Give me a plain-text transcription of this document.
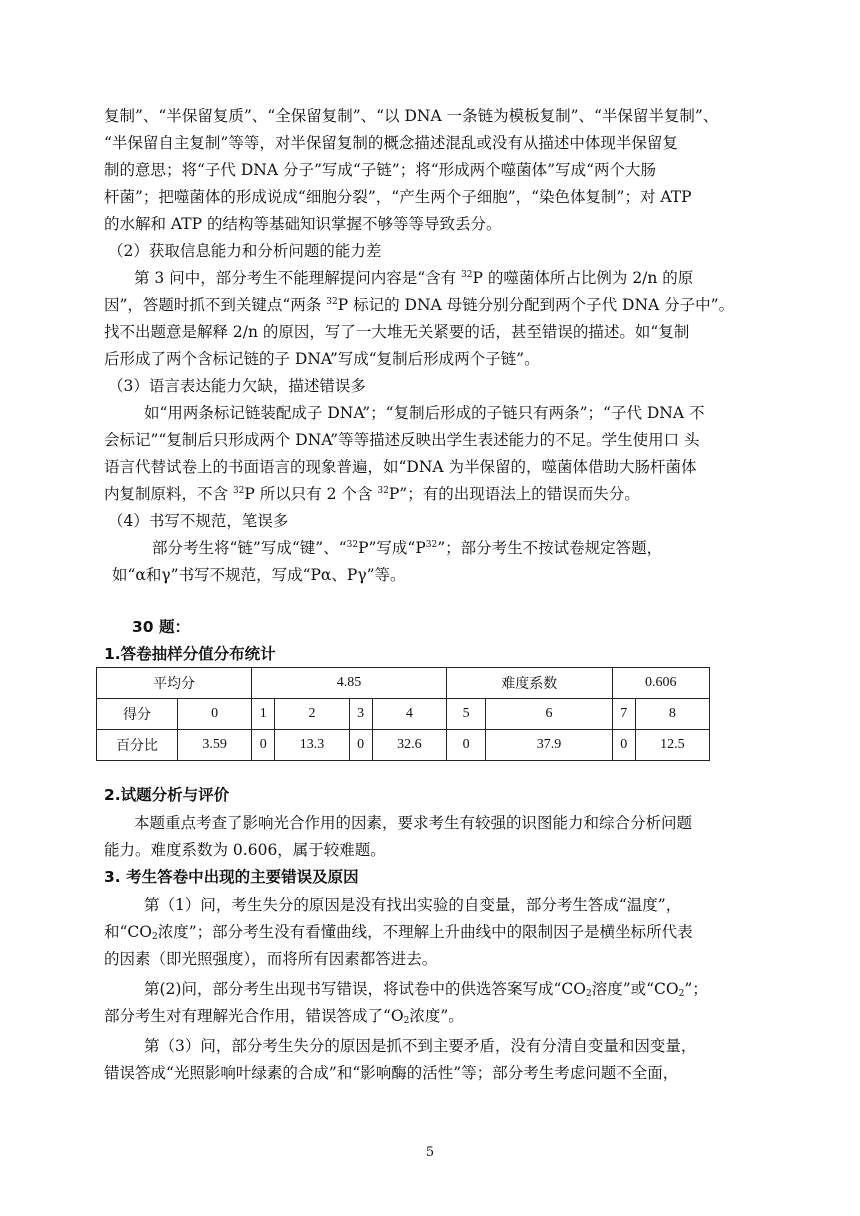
复制”、“半保留复质”、“全保留复制”、“以 DNA 一条链为模板复制”、“半保留半复制”、
“半保留自主复制”等等，对半保留复制的概念描述混乱或没有从描述中体现半保留复
制的意思；将“子代 DNA 分子”写成“子链”；将“形成两个噬菌体”写成“两个大肠
杆菌”；把噬菌体的形成说成“细胞分裂”，“产生两个子细胞”，“染色体复制”；对 ATP
的水解和 ATP 的结构等基础知识掌握不够等等导致丢分。
（2）获取信息能力和分析问题的能力差
第 3 问中，部分考生不能理解提问内容是“含有 $^{32}$P 的噬菌体所占比例为 2/n 的原
因”，答题时抓不到关键点“两条 $^{32}$P 标记的 DNA 母链分别分配到两个子代 DNA 分子中”。
找不出题意是解释 2/n 的原因，写了一大堆无关紧要的话，甚至错误的描述。如“复制
后形成了两个含标记链的子 DNA”写成“复制后形成两个子链”。
（3）语言表达能力欠缺，描述错误多
如“用两条标记链装配成子 DNA”；“复制后形成的子链只有两条”；“子代 DNA 不
会标记”“复制后只形成两个 DNA”等等描述反映出学生表述能力的不足。学生使用口 头
语言代替试卷上的书面语言的现象普遍，如“DNA 为半保留的，噬菌体借助大肠杆菌体
内复制原料，不含 $^{32}$P 所以只有 2 个含 $^{32}$P”；有的出现语法上的错误而失分。
（4）书写不规范，笔误多
部分考生将“链”写成“键”、“$^{32}$P”写成“$P^{32}$”；部分考生不按试卷规定答题，
如“α和γ”书写不规范，写成“Pα、Pγ”等。
30 题：
1.答卷抽样分值分布统计
平均分		4.85				难度系数		0.606	
得分	0	1	2	3	4	5	6	7	8
百分比	3.59	0	13.3	0	32.6	0	37.9	0	12.5
2.试题分析与评价
本题重点考查了影响光合作用的因素，要求考生有较强的识图能力和综合分析问题
能力。难度系数为 0.606，属于较难题。
3. 考生答卷中出现的主要错误及原因
第（1）问，考生失分的原因是没有找出实验的自变量，部分考生答成“温度”，
和“$CO_2$浓度”；部分考生没有看懂曲线，不理解上升曲线中的限制因子是横坐标所代表
的因素（即光照强度），而将所有因素都答进去。
第(2)问，部分考生出现书写错误，将试卷中的供选答案写成“$CO_2$溶度”或“$CO_2$”；
部分考生对有理解光合作用，错误答成了“$O_2$浓度”。
第（3）问，部分考生失分的原因是抓不到主要矛盾，没有分清自变量和因变量，
错误答成“光照影响叶绿素的合成”和“影响酶的活性”等；部分考生考虑问题不全面，
5
